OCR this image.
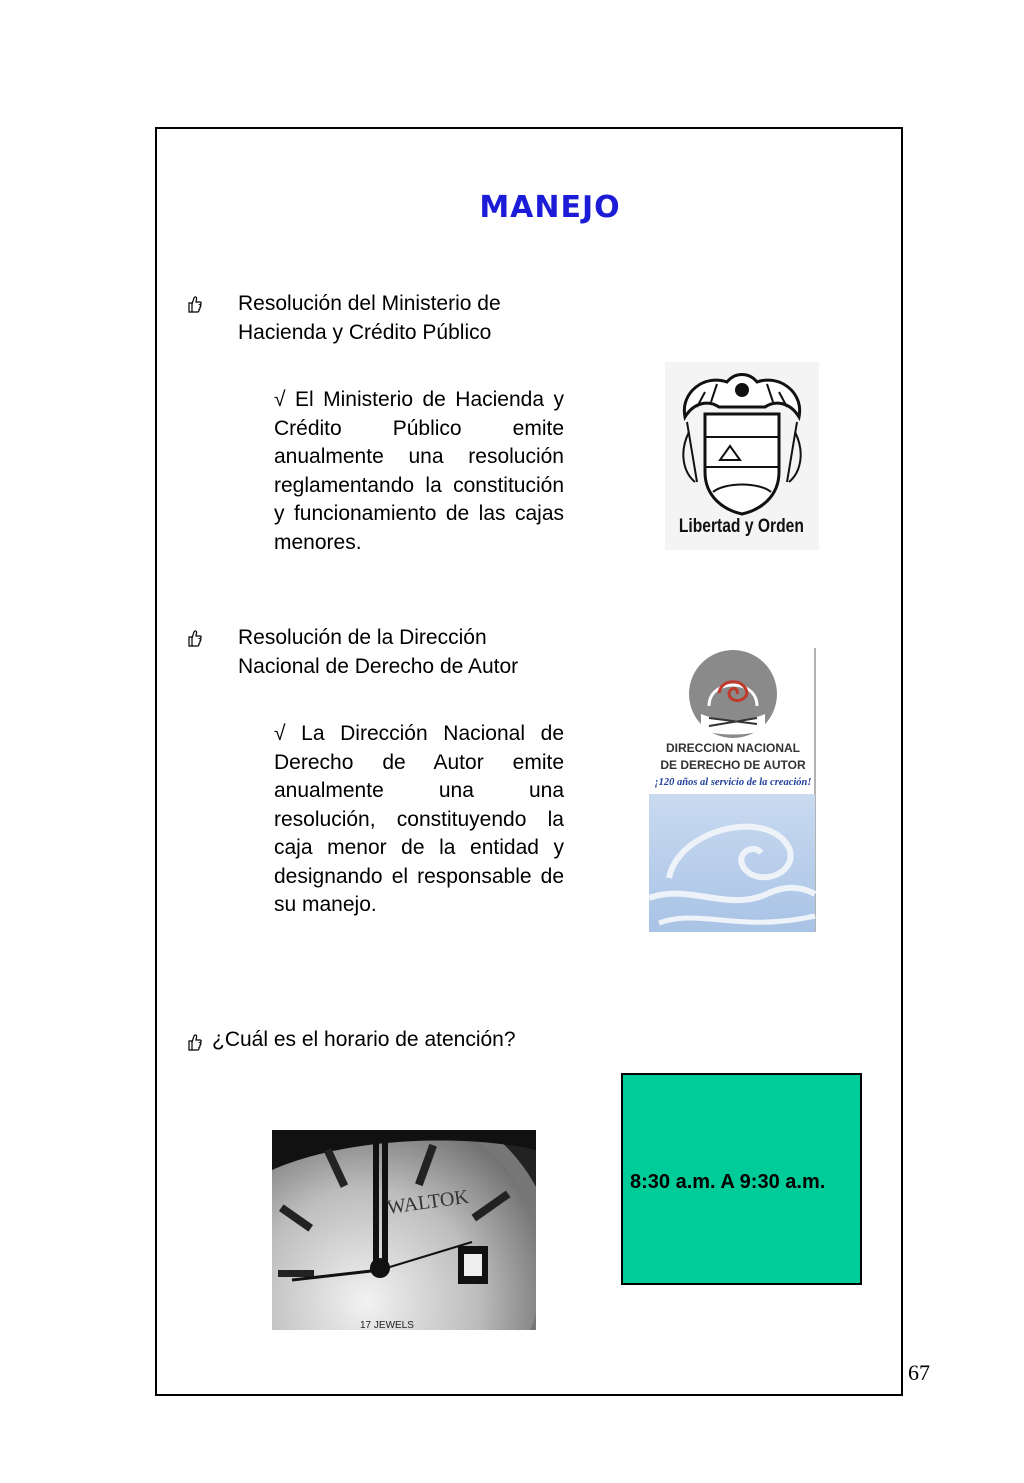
MANEJO
Resolución del Ministerio de Hacienda y Crédito Público
√ El Ministerio de Hacienda y Crédito Público emite anualmente una resolución reglamentando la constitución y funcionamiento de las cajas menores.
Libertad y Orden
Resolución de la Dirección Nacional de Derecho de Autor
√ La Dirección Nacional de Derecho de Autor emite anualmente una una resolución, constituyendo la caja menor de la entidad y designando el responsable de su manejo.
DIRECCION NACIONAL
DE DERECHO DE AUTOR
¡120 años al servicio de la creación!
¿Cuál es el horario de atención?
WALTOK
17 JEWELS
8:30 a.m. A 9:30 a.m.
67
